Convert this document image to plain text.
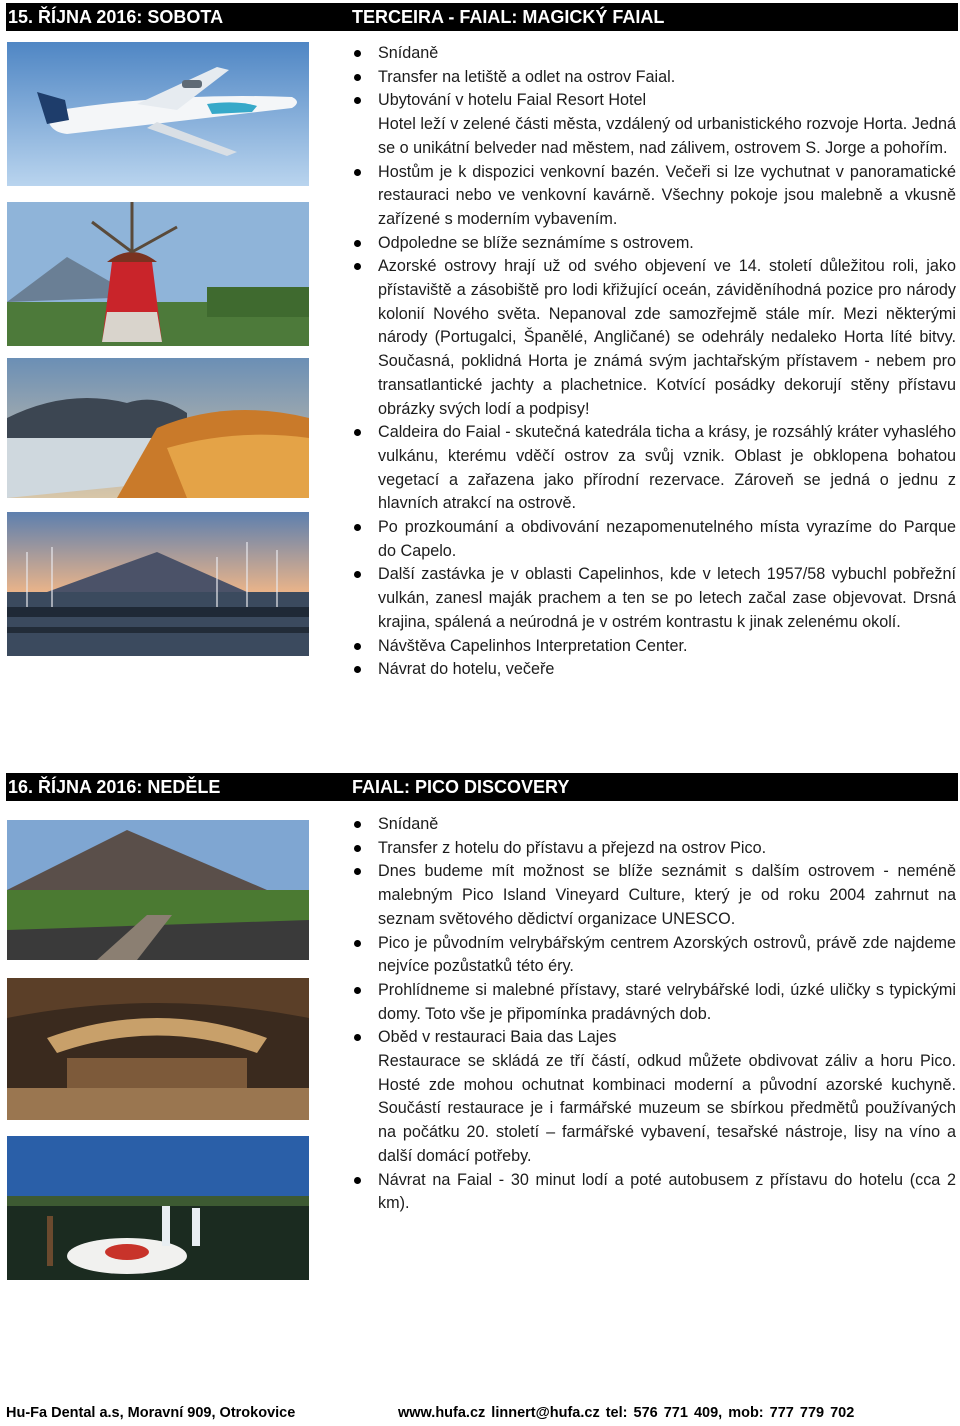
15. ŘÍJNA 2016: SOBOTA	TERCEIRA - FAIAL: MAGICKÝ FAIAL
Snídaně
Transfer na letiště a odlet na ostrov Faial.
Ubytování v hotelu Faial Resort Hotel
Hotel leží v zelené části města, vzdálený od urbanistického rozvoje Horta. Jedná se o unikátní belveder nad městem, nad zálivem, ostrovem S. Jorge a pohořím.
Hostům je k dispozici venkovní bazén. Večeři si lze vychutnat v panoramatické restauraci nebo ve venkovní kavárně. Všechny pokoje jsou malebně a vkusně zařízené s moderním vybavením.
Odpoledne se blíže seznámíme s ostrovem.
Azorské ostrovy hrají už od svého objevení ve 14. století důležitou roli, jako přístaviště a zásobiště pro lodi křižující oceán, záviděníhodná pozice pro národy kolonií Nového světa. Nepanoval zde samozřejmě stále mír. Mezi některými národy (Portugalci, Španělé, Angličané) se odehrály nedaleko Horta líté bitvy. Současná, poklidná Horta je známá svým jachtařským přístavem - nebem pro transatlantické jachty a plachetnice. Kotvící posádky dekorují stěny přístavu obrázky svých lodí a podpisy!
Caldeira do Faial - skutečná katedrála ticha a krásy, je rozsáhlý kráter vyhaslého vulkánu, kterému vděčí ostrov za svůj vznik. Oblast je obklopena bohatou vegetací a zařazena jako přírodní rezervace. Zároveň se jedná o jednu z hlavních atrakcí na ostrově.
Po prozkoumání a obdivování nezapomenutelného místa vyrazíme do Parque do Capelo.
Další zastávka je v oblasti Capelinhos, kde v letech 1957/58 vybuchl pobřežní vulkán, zanesl maják prachem a ten se po letech začal zase objevovat. Drsná krajina, spálená a neúrodná je v ostrém kontrastu k jinak zelenému okolí.
Návštěva Capelinhos Interpretation Center.
Návrat do hotelu, večeře
16. ŘÍJNA 2016: NEDĚLE	FAIAL: PICO DISCOVERY
Snídaně
Transfer z hotelu do přístavu a přejezd na ostrov Pico.
Dnes budeme mít možnost se blíže seznámit s dalším ostrovem - neméně malebným Pico Island Vineyard Culture, který je od roku 2004 zahrnut na seznam světového dědictví organizace UNESCO.
Pico je původním velrybářským centrem Azorských ostrovů, právě zde najdeme nejvíce pozůstatků této éry.
Prohlídneme si malebné přístavy, staré velrybářské lodi, úzké uličky s typickými domy. Toto vše je připomínka pradávných dob.
Oběd v restauraci Baia das Lajes
Restaurace se skládá ze tří částí, odkud můžete obdivovat záliv a horu Pico. Hosté zde mohou ochutnat kombinaci moderní a původní azorské kuchyně. Součástí restaurace je i farmářské muzeum se sbírkou předmětů používaných na počátku 20. století – farmářské vybavení, tesařské nástroje, lisy na víno a další domácí potřeby.
Návrat na Faial - 30 minut lodí a poté autobusem z přístavu do hotelu (cca 2 km).
Hu-Fa Dental a.s, Moravní 909, Otrokovice	www.hufa.cz linnert@hufa.cz tel: 576 771 409, mob: 777 779 702
